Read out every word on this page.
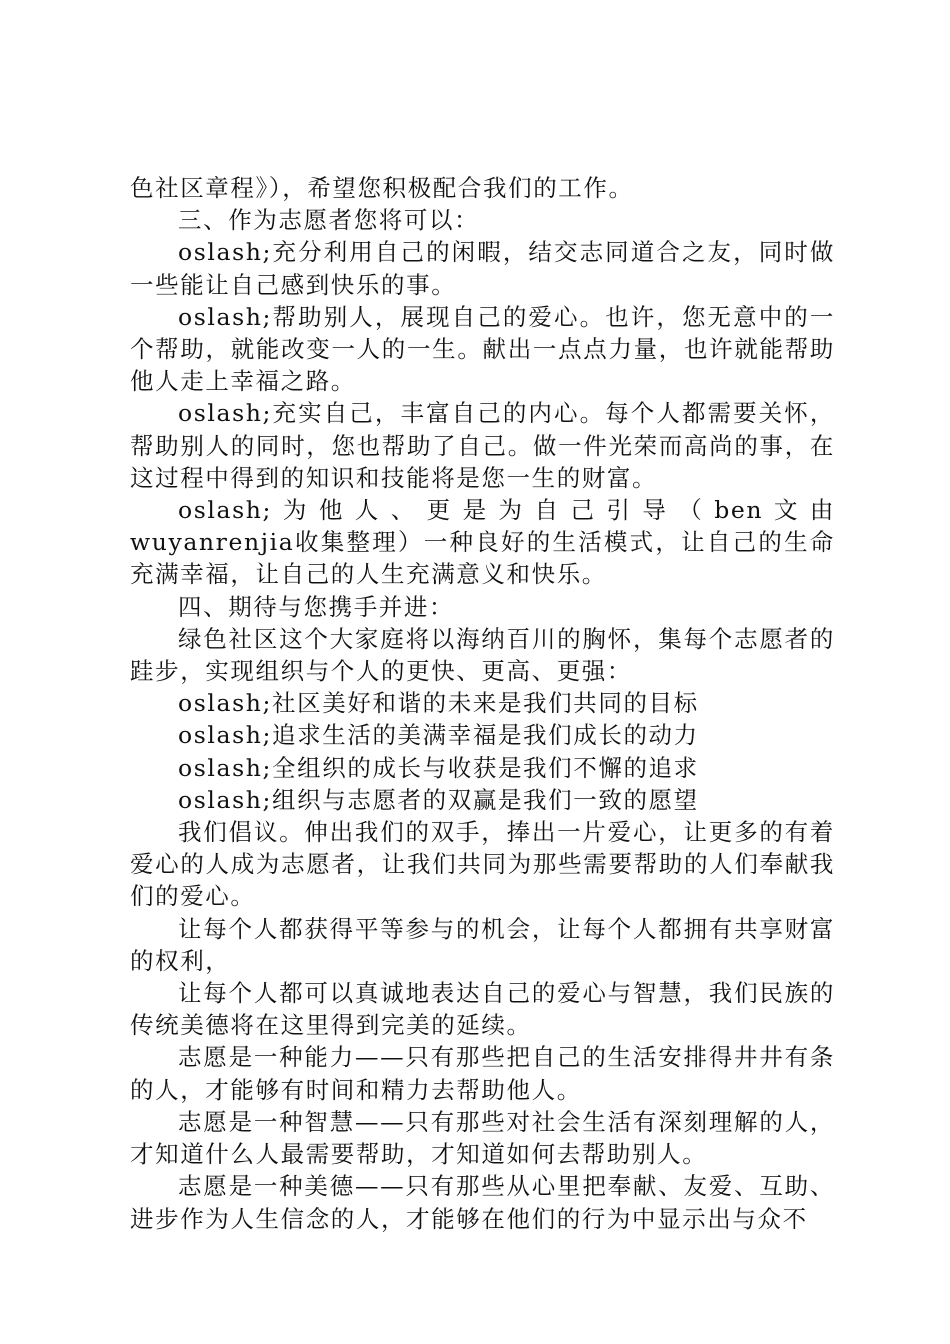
色社区章程》），希望您积极配合我们的工作。

三、作为志愿者您将可以：

oslash;充分利用自己的闲暇，结交志同道合之友，同时做一些能让自己感到快乐的事。

oslash;帮助别人，展现自己的爱心。也许，您无意中的一个帮助，就能改变一人的一生。献出一点点力量，也许就能帮助他人走上幸福之路。

oslash;充实自己，丰富自己的内心。每个人都需要关怀，帮助别人的同时，您也帮助了自己。做一件光荣而高尚的事，在这过程中得到的知识和技能将是您一生的财富。

oslash;为他人、更是为自己引导（ben文由wuyanrenjia收集整理）一种良好的生活模式，让自己的生命充满幸福，让自己的人生充满意义和快乐。

四、期待与您携手并进：

绿色社区这个大家庭将以海纳百川的胸怀，集每个志愿者的跬步，实现组织与个人的更快、更高、更强：

oslash;社区美好和谐的未来是我们共同的目标

oslash;追求生活的美满幸福是我们成长的动力

oslash;全组织的成长与收获是我们不懈的追求

oslash;组织与志愿者的双赢是我们一致的愿望

我们倡议。伸出我们的双手，捧出一片爱心，让更多的有着爱心的人成为志愿者，让我们共同为那些需要帮助的人们奉献我们的爱心。

让每个人都获得平等参与的机会，让每个人都拥有共享财富的权利，

让每个人都可以真诚地表达自己的爱心与智慧，我们民族的传统美德将在这里得到完美的延续。

志愿是一种能力——只有那些把自己的生活安排得井井有条的人，才能够有时间和精力去帮助他人。

志愿是一种智慧——只有那些对社会生活有深刻理解的人，才知道什么人最需要帮助，才知道如何去帮助别人。

志愿是一种美德——只有那些从心里把奉献、友爱、互助、进步作为人生信念的人，才能够在他们的行为中显示出与众不
